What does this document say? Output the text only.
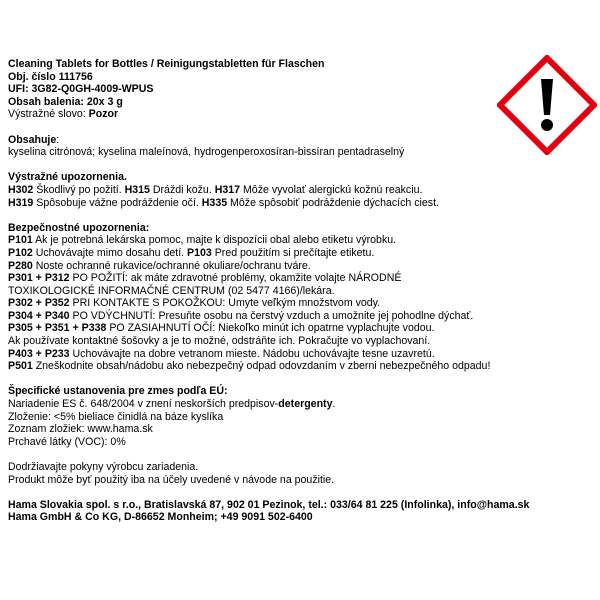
Cleaning Tablets for Bottles / Reinigungstabletten für Flaschen
Obj. číslo 111756
UFI: 3G82-Q0GH-4009-WPUS
Obsah balenia: 20x 3 g
Výstražné slovo: Pozor
Obsahuje:
kyselina citrónová; kyselina maleínová, hydrogenperoxosíran-bissíran pentadraselný
Výstražné upozornenia.
H302 Škodlivý po požití. H315 Dráždi kožu. H317 Môže vyvolať alergickú kožnú reakciu.
H319 Spôsobuje vážne podráždenie očí. H335 Môže spôsobiť podráždenie dýchacích ciest.
Bezpečnostné upozornenia:
P101 Ak je potrebná lekárska pomoc, majte k dispozícii obal alebo etiketu výrobku.
P102 Uchovávajte mimo dosahu detí. P103 Pred použitím si prečítajte etiketu.
P280 Noste ochranné rukavice/ochranné okuliare/ochranu tváre.
P301 + P312 PO POŽITÍ: ak máte zdravotné problémy, okamžite volajte NÁRODNÉ
TOXIKOLOGICKÉ INFORMAČNÉ CENTRUM (02 5477 4166)/lekára.
P302 + P352 PRI KONTAKTE S POKOŽKOU: Umyte veľkým množstvom vody.
P304 + P340 PO VDÝCHNUTÍ: Presuňte osobu na čerstvý vzduch a umožnite jej pohodlne dýchať.
P305 + P351 + P338 PO ZASIAHNUTÍ OČÍ: Niekoľko minút ich opatrne vyplachujte vodou.
Ak používate kontaktné šošovky a je to možné, odstráňte ich. Pokračujte vo vyplachovaní.
P403 + P233 Uchovávajte na dobre vetranom mieste. Nádobu uchovávajte tesne uzavretú.
P501 Zneškodnite obsah/nádobu ako nebezpečný odpad odovzdaním v zberni nebezpečného odpadu!
Špecifické ustanovenia pre zmes podľa EÚ:
Nariadenie ES č. 648/2004 v znení neskorších predpisov-detergenty.
Zloženie: <5% bieliace činidlá na báze kyslíka
Zoznam zložiek: www.hama.sk
Prchavé látky (VOC): 0%
Dodržiavajte pokyny výrobcu zariadenia.
Produkt môže byť použitý iba na účely uvedené v návode na použitie.
Hama Slovakia spol. s r.o., Bratislavská 87, 902 01 Pezinok, tel.: 033/64 81 225 (Infolinka), info@hama.sk
Hama GmbH & Co KG, D-86652 Monheim; +49 9091 502-6400
